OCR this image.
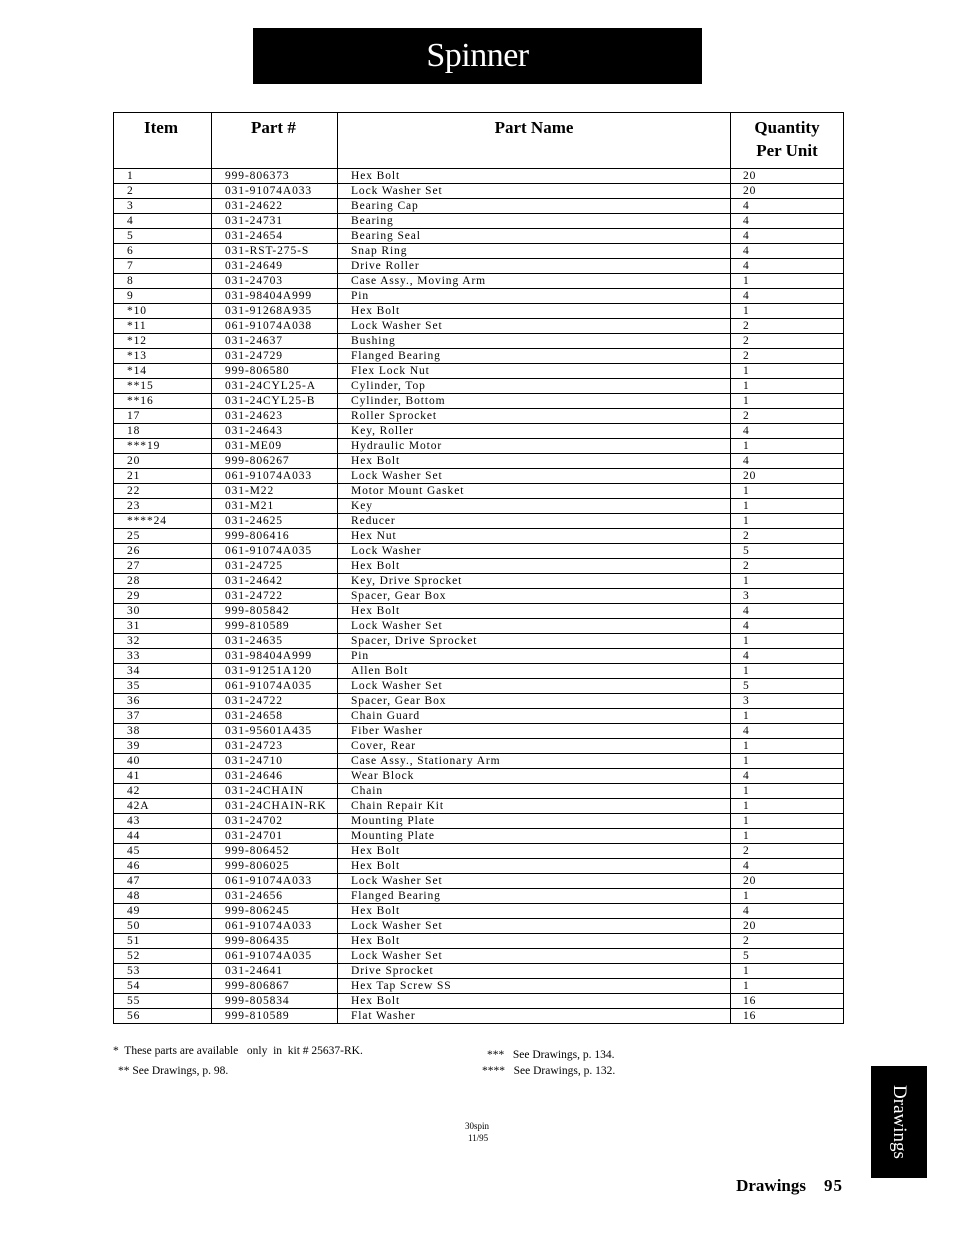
Spinner
Item	Part #	Part Name	Quantity
Per Unit
1	999-806373	Hex Bolt	20
2	031-91074A033	Lock Washer Set	20
3	031-24622	Bearing Cap	4
4	031-24731	Bearing	4
5	031-24654	Bearing Seal	4
6	031-RST-275-S	Snap Ring	4
7	031-24649	Drive Roller	4
8	031-24703	Case Assy., Moving Arm	1
9	031-98404A999	Pin	4
*10	031-91268A935	Hex Bolt	1
*11	061-91074A038	Lock Washer Set	2
*12	031-24637	Bushing	2
*13	031-24729	Flanged Bearing	2
*14	999-806580	Flex Lock Nut	1
**15	031-24CYL25-A	Cylinder, Top	1
**16	031-24CYL25-B	Cylinder, Bottom	1
17	031-24623	Roller Sprocket	2
18	031-24643	Key, Roller	4
***19	031-ME09	Hydraulic Motor	1
20	999-806267	Hex Bolt	4
21	061-91074A033	Lock Washer Set	20
22	031-M22	Motor Mount Gasket	1
23	031-M21	Key	1
****24	031-24625	Reducer	1
25	999-806416	Hex Nut	2
26	061-91074A035	Lock Washer	5
27	031-24725	Hex Bolt	2
28	031-24642	Key, Drive Sprocket	1
29	031-24722	Spacer, Gear Box	3
30	999-805842	Hex Bolt	4
31	999-810589	Lock Washer Set	4
32	031-24635	Spacer, Drive Sprocket	1
33	031-98404A999	Pin	4
34	031-91251A120	Allen Bolt	1
35	061-91074A035	Lock Washer Set	5
36	031-24722	Spacer, Gear Box	3
37	031-24658	Chain Guard	1
38	031-95601A435	Fiber Washer	4
39	031-24723	Cover, Rear	1
40	031-24710	Case Assy., Stationary Arm	1
41	031-24646	Wear Block	4
42	031-24CHAIN	Chain	1
42A	031-24CHAIN-RK	Chain Repair Kit	1
43	031-24702	Mounting Plate	1
44	031-24701	Mounting Plate	1
45	999-806452	Hex Bolt	2
46	999-806025	Hex Bolt	4
47	061-91074A033	Lock Washer Set	20
48	031-24656	Flanged Bearing	1
49	999-806245	Hex Bolt	4
50	061-91074A033	Lock Washer Set	20
51	999-806435	Hex Bolt	2
52	061-91074A035	Lock Washer Set	5
53	031-24641	Drive Sprocket	1
54	999-806867	Hex Tap Screw SS	1
55	999-805834	Hex Bolt	16
56	999-810589	Flat Washer	16
*  These parts are available   only  in  kit # 25637-RK.
** See Drawings, p. 98.
***   See Drawings, p. 134.
****   See Drawings, p. 132.
30spin
11/95	Drawings
Drawings 95
